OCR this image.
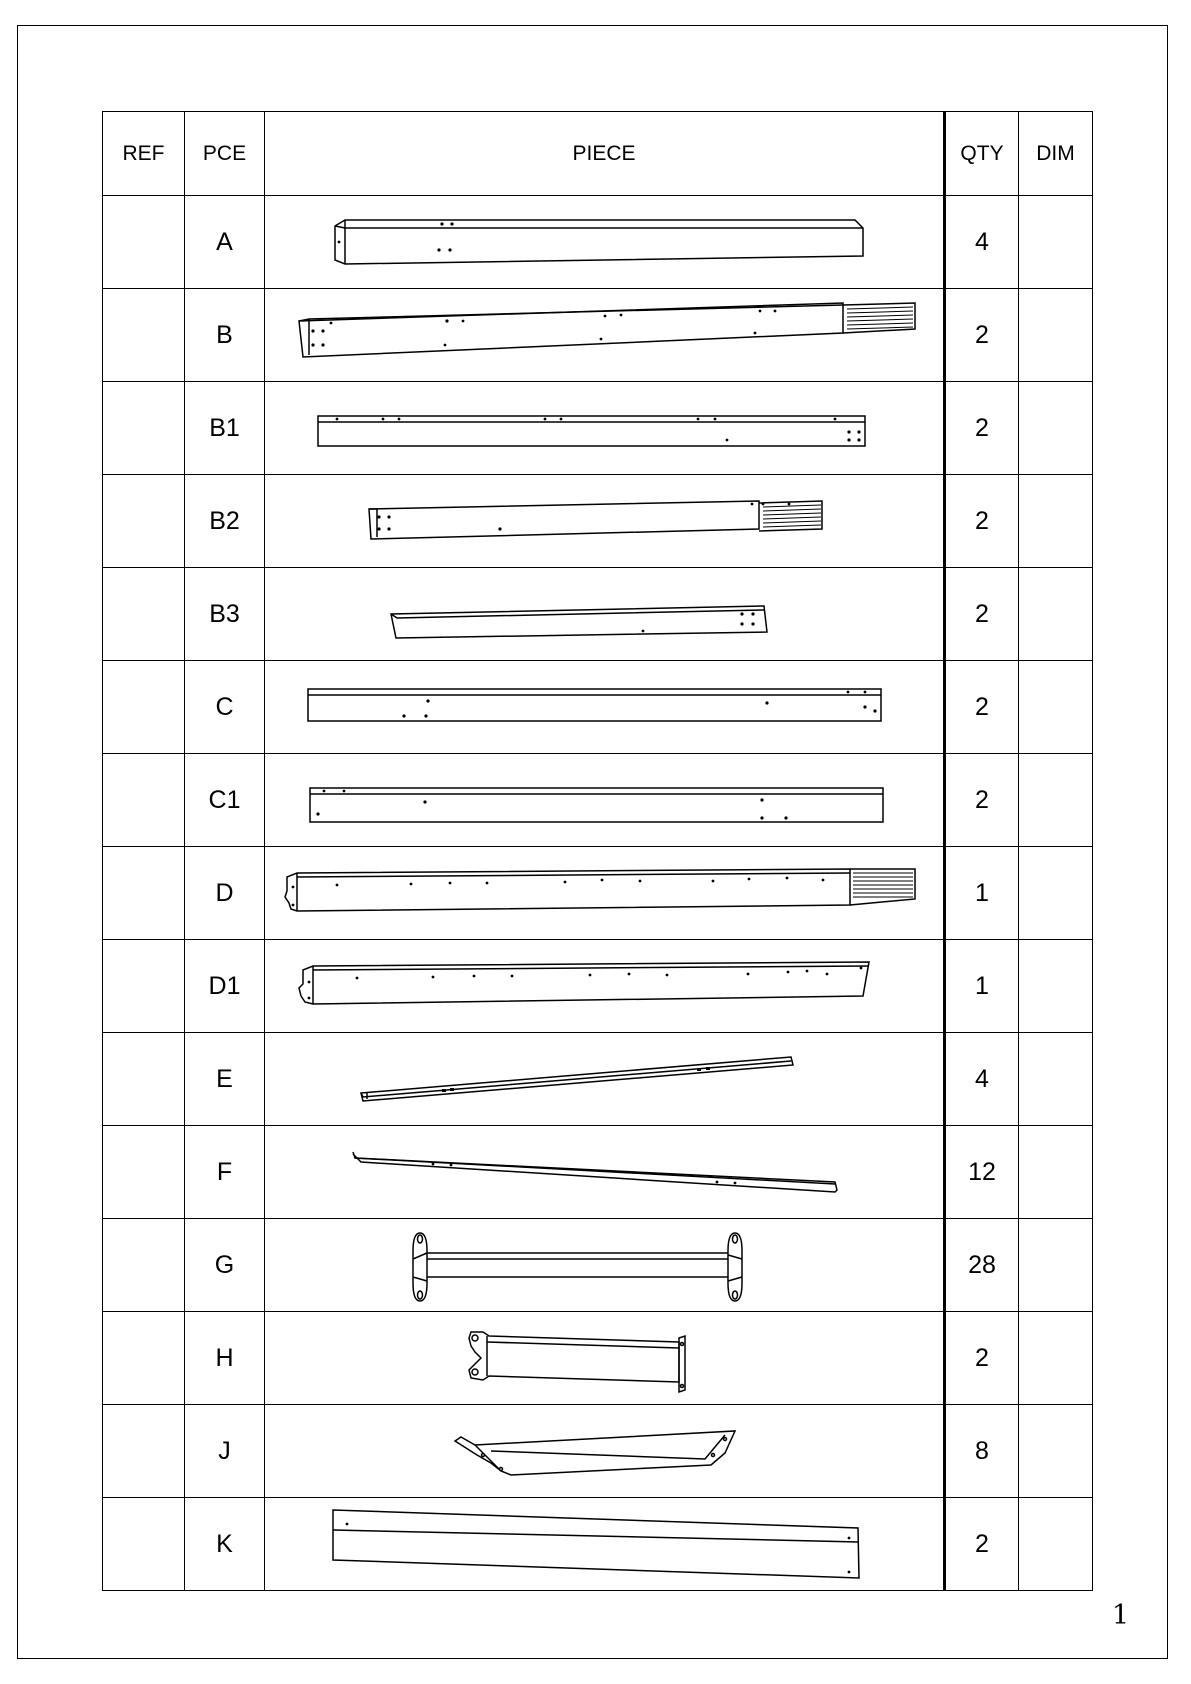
REF	PCE	PIECE	QTY	DIM
	A		4	
	B		2	
	B1		2	
	B2		2	
	B3		2	
	C		2	
	C1		2	
	D		1	
	D1		1	
	E		4	
	F		12	
	G		28	
	H		2	
	J		8	
	K		2	
1
